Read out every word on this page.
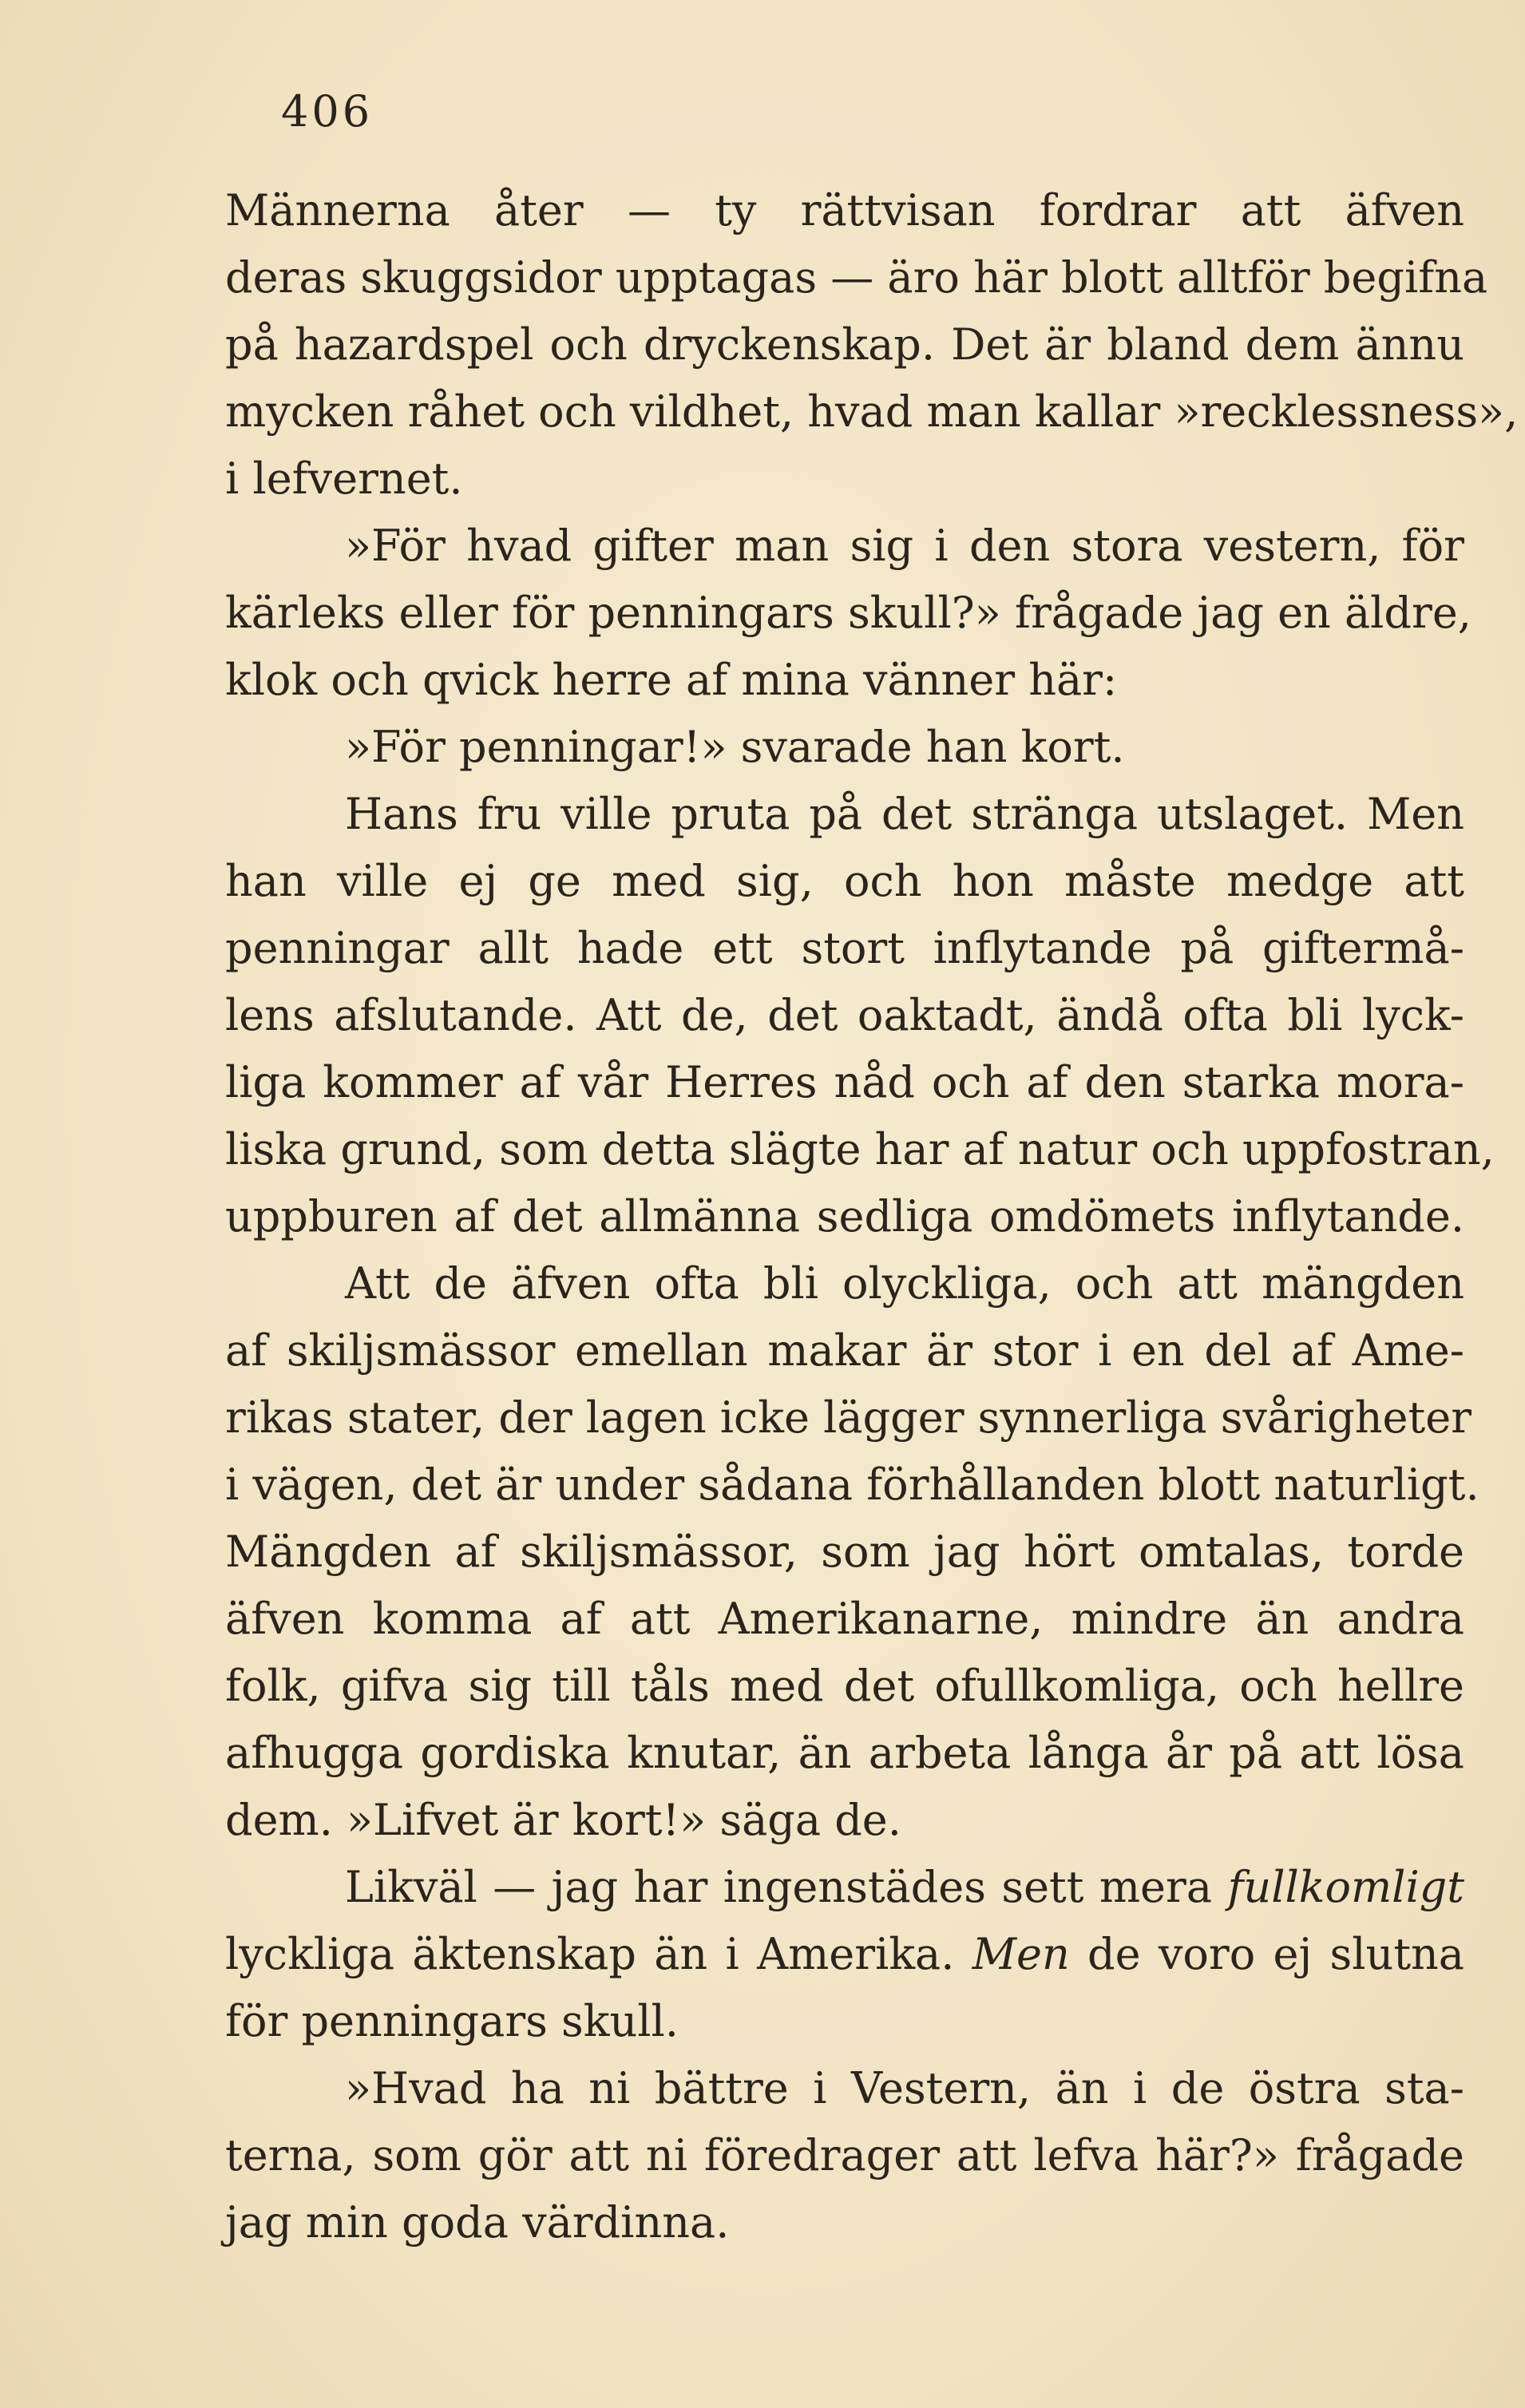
406
Männerna åter — ty rättvisan fordrar att äfven
deras skuggsidor upptagas — äro här blott alltför begifna
på hazardspel och dryckenskap. Det är bland dem ännu
mycken råhet och vildhet, hvad man kallar »recklessness»,
i lefvernet.
»För hvad gifter man sig i den stora vestern, för
kärleks eller för penningars skull?» frågade jag en äldre,
klok och qvick herre af mina vänner här:
»För penningar!» svarade han kort.
Hans fru ville pruta på det stränga utslaget. Men
han ville ej ge med sig, och hon måste medge att
penningar allt hade ett stort inflytande på giftermå-
lens afslutande. Att de, det oaktadt, ändå ofta bli lyck-
liga kommer af vår Herres nåd och af den starka mora-
liska grund, som detta slägte har af natur och uppfostran,
uppburen af det allmänna sedliga omdömets inflytande.
Att de äfven ofta bli olyckliga, och att mängden
af skiljsmässor emellan makar är stor i en del af Ame-
rikas stater, der lagen icke lägger synnerliga svårigheter
i vägen, det är under sådana förhållanden blott naturligt.
Mängden af skiljsmässor, som jag hört omtalas, torde
äfven komma af att Amerikanarne, mindre än andra
folk, gifva sig till tåls med det ofullkomliga, och hellre
afhugga gordiska knutar, än arbeta långa år på att lösa
dem. »Lifvet är kort!» säga de.
Likväl — jag har ingenstädes sett mera fullkomligt
lyckliga äktenskap än i Amerika. Men de voro ej slutna
för penningars skull.
»Hvad ha ni bättre i Vestern, än i de östra sta-
terna, som gör att ni föredrager att lefva här?» frågade
jag min goda värdinna.
